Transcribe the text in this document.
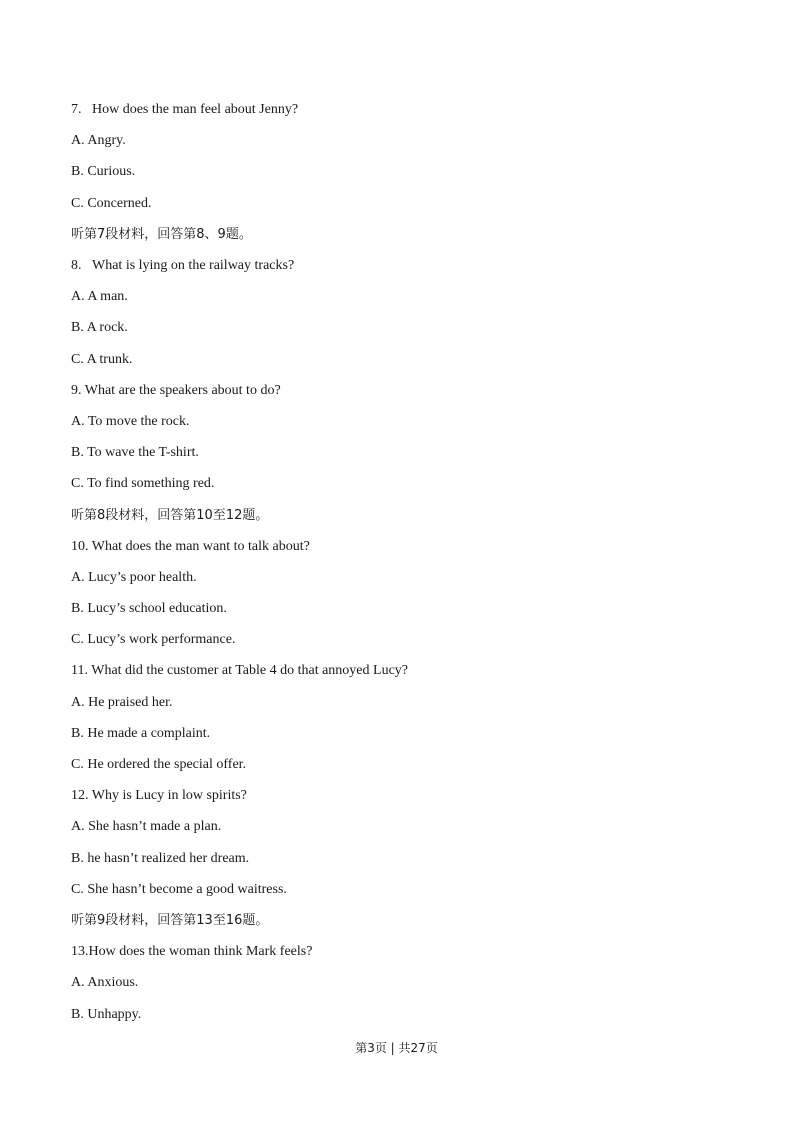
7.   How does the man feel about Jenny?
A. Angry.
B. Curious.
C. Concerned.
听第7段材料，回答第8、9题。
8.   What is lying on the railway tracks?
A. A man.
B. A rock.
C. A trunk.
9. What are the speakers about to do?
A. To move the rock.
B. To wave the T-shirt.
C. To find something red.
听第8段材料，回答第10至12题。
10. What does the man want to talk about?
A. Lucy’s poor health.
B. Lucy’s school education.
C. Lucy’s work performance.
11. What did the customer at Table 4 do that annoyed Lucy?
A. He praised her.
B. He made a complaint.
C. He ordered the special offer.
12. Why is Lucy in low spirits?
A. She hasn’t made a plan.
B. he hasn’t realized her dream.
C. She hasn’t become a good waitress.
听第9段材料，回答第13至16题。
13.How does the woman think Mark feels?
A. Anxious.
B. Unhappy.
第3页 | 共27页
